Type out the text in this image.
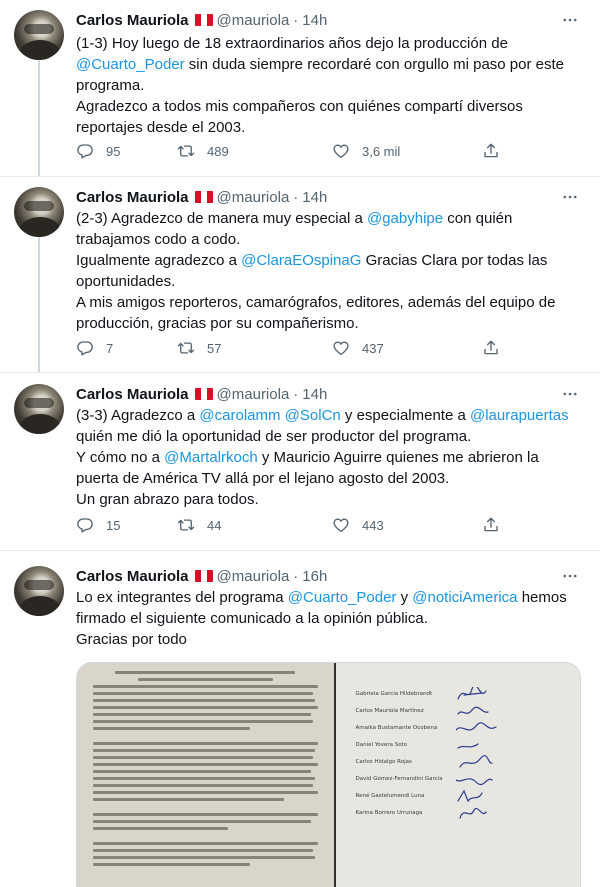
Carlos Mauriola @mauriola · 14h
(1-3) Hoy luego de 18 extraordinarios años dejo la producción de
@Cuarto_Poder sin duda siempre recordaré con orgullo mi paso por este
programa.
Agradezco a todos mis compañeros con quiénes compartí diversos
reportajes desde el 2003.
95	489	3,6 mil
Carlos Mauriola @mauriola · 14h
(2-3) Agradezco de manera muy especial a @gabyhipe con quién
trabajamos codo a codo.
Igualmente agradezco a @ClaraEOspinaG Gracias Clara por todas las
oportunidades.
A mis amigos reporteros, camarógrafos, editores, además del equipo de
producción, gracias por su compañerismo.
7	57	437
Carlos Mauriola @mauriola · 14h
(3-3) Agradezco a @carolamm @SolCn y especialmente a @laurapuertas
quién me dió la oportunidad de ser productor del programa.
Y cómo no a @Martalrkoch y Mauricio Aguirre quienes me abrieron la
puerta de América TV allá por el lejano agosto del 2003.
Un gran abrazo para todos.
15	44	443
Carlos Mauriola @mauriola · 16h
Lo ex integrantes del programa @Cuarto_Poder y @noticiAmerica hemos
firmado el siguiente comunicado a la opinión pública.
Gracias por todo
Gabriela García Hildebrandt
Carlos Mauriola Martínez
Amaika Bustamante Ocobena
Daniel Yovera Soto
Carlos Hidalgo Rojas
David Gómez-Fernandini García
René Gastelumendi Luna
Karina Borrero Urrunaga
